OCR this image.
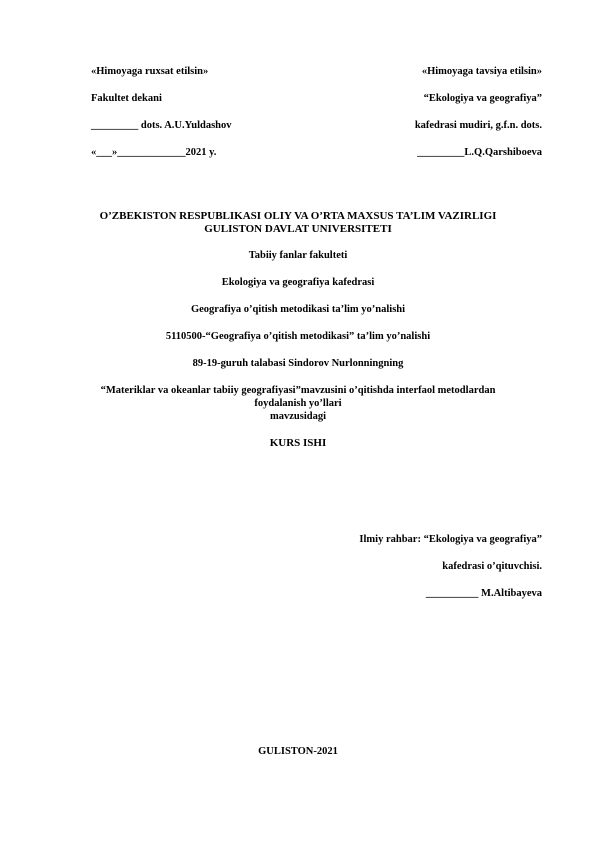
«Himoyaga ruxsat etilsin»
Fakultet dekani
_________ dots. A.U.Yuldashov
«___»_____________2021 y.
«Himoyaga tavsiya etilsin»
“Ekologiya va geografiya”
kafedrasi mudiri, g.f.n. dots.
_________L.Q.Qarshiboeva
O’ZBEKISTON RESPUBLIKASI OLIY VA O’RTA MAXSUS TA’LIM VAZIRLIGI
GULISTON DAVLAT UNIVERSITETI
Tabiiy fanlar fakulteti
Ekologiya va geografiya kafedrasi
Geografiya o’qitish metodikasi ta’lim yo’nalishi
5110500-“Geografiya o’qitish metodikasi” ta’lim yo’nalishi
89-19-guruh talabasi Sindorov Nurlonningning
“Materiklar va okeanlar tabiiy geografiyasi”mavzusini o’qitishda interfaol metodlardan
foydalanish yo’llari
mavzusidagi
KURS ISHI
Ilmiy rahbar: “Ekologiya va geografiya”
kafedrasi o’qituvchisi.
__________ M.Altibayeva
GULISTON-2021
